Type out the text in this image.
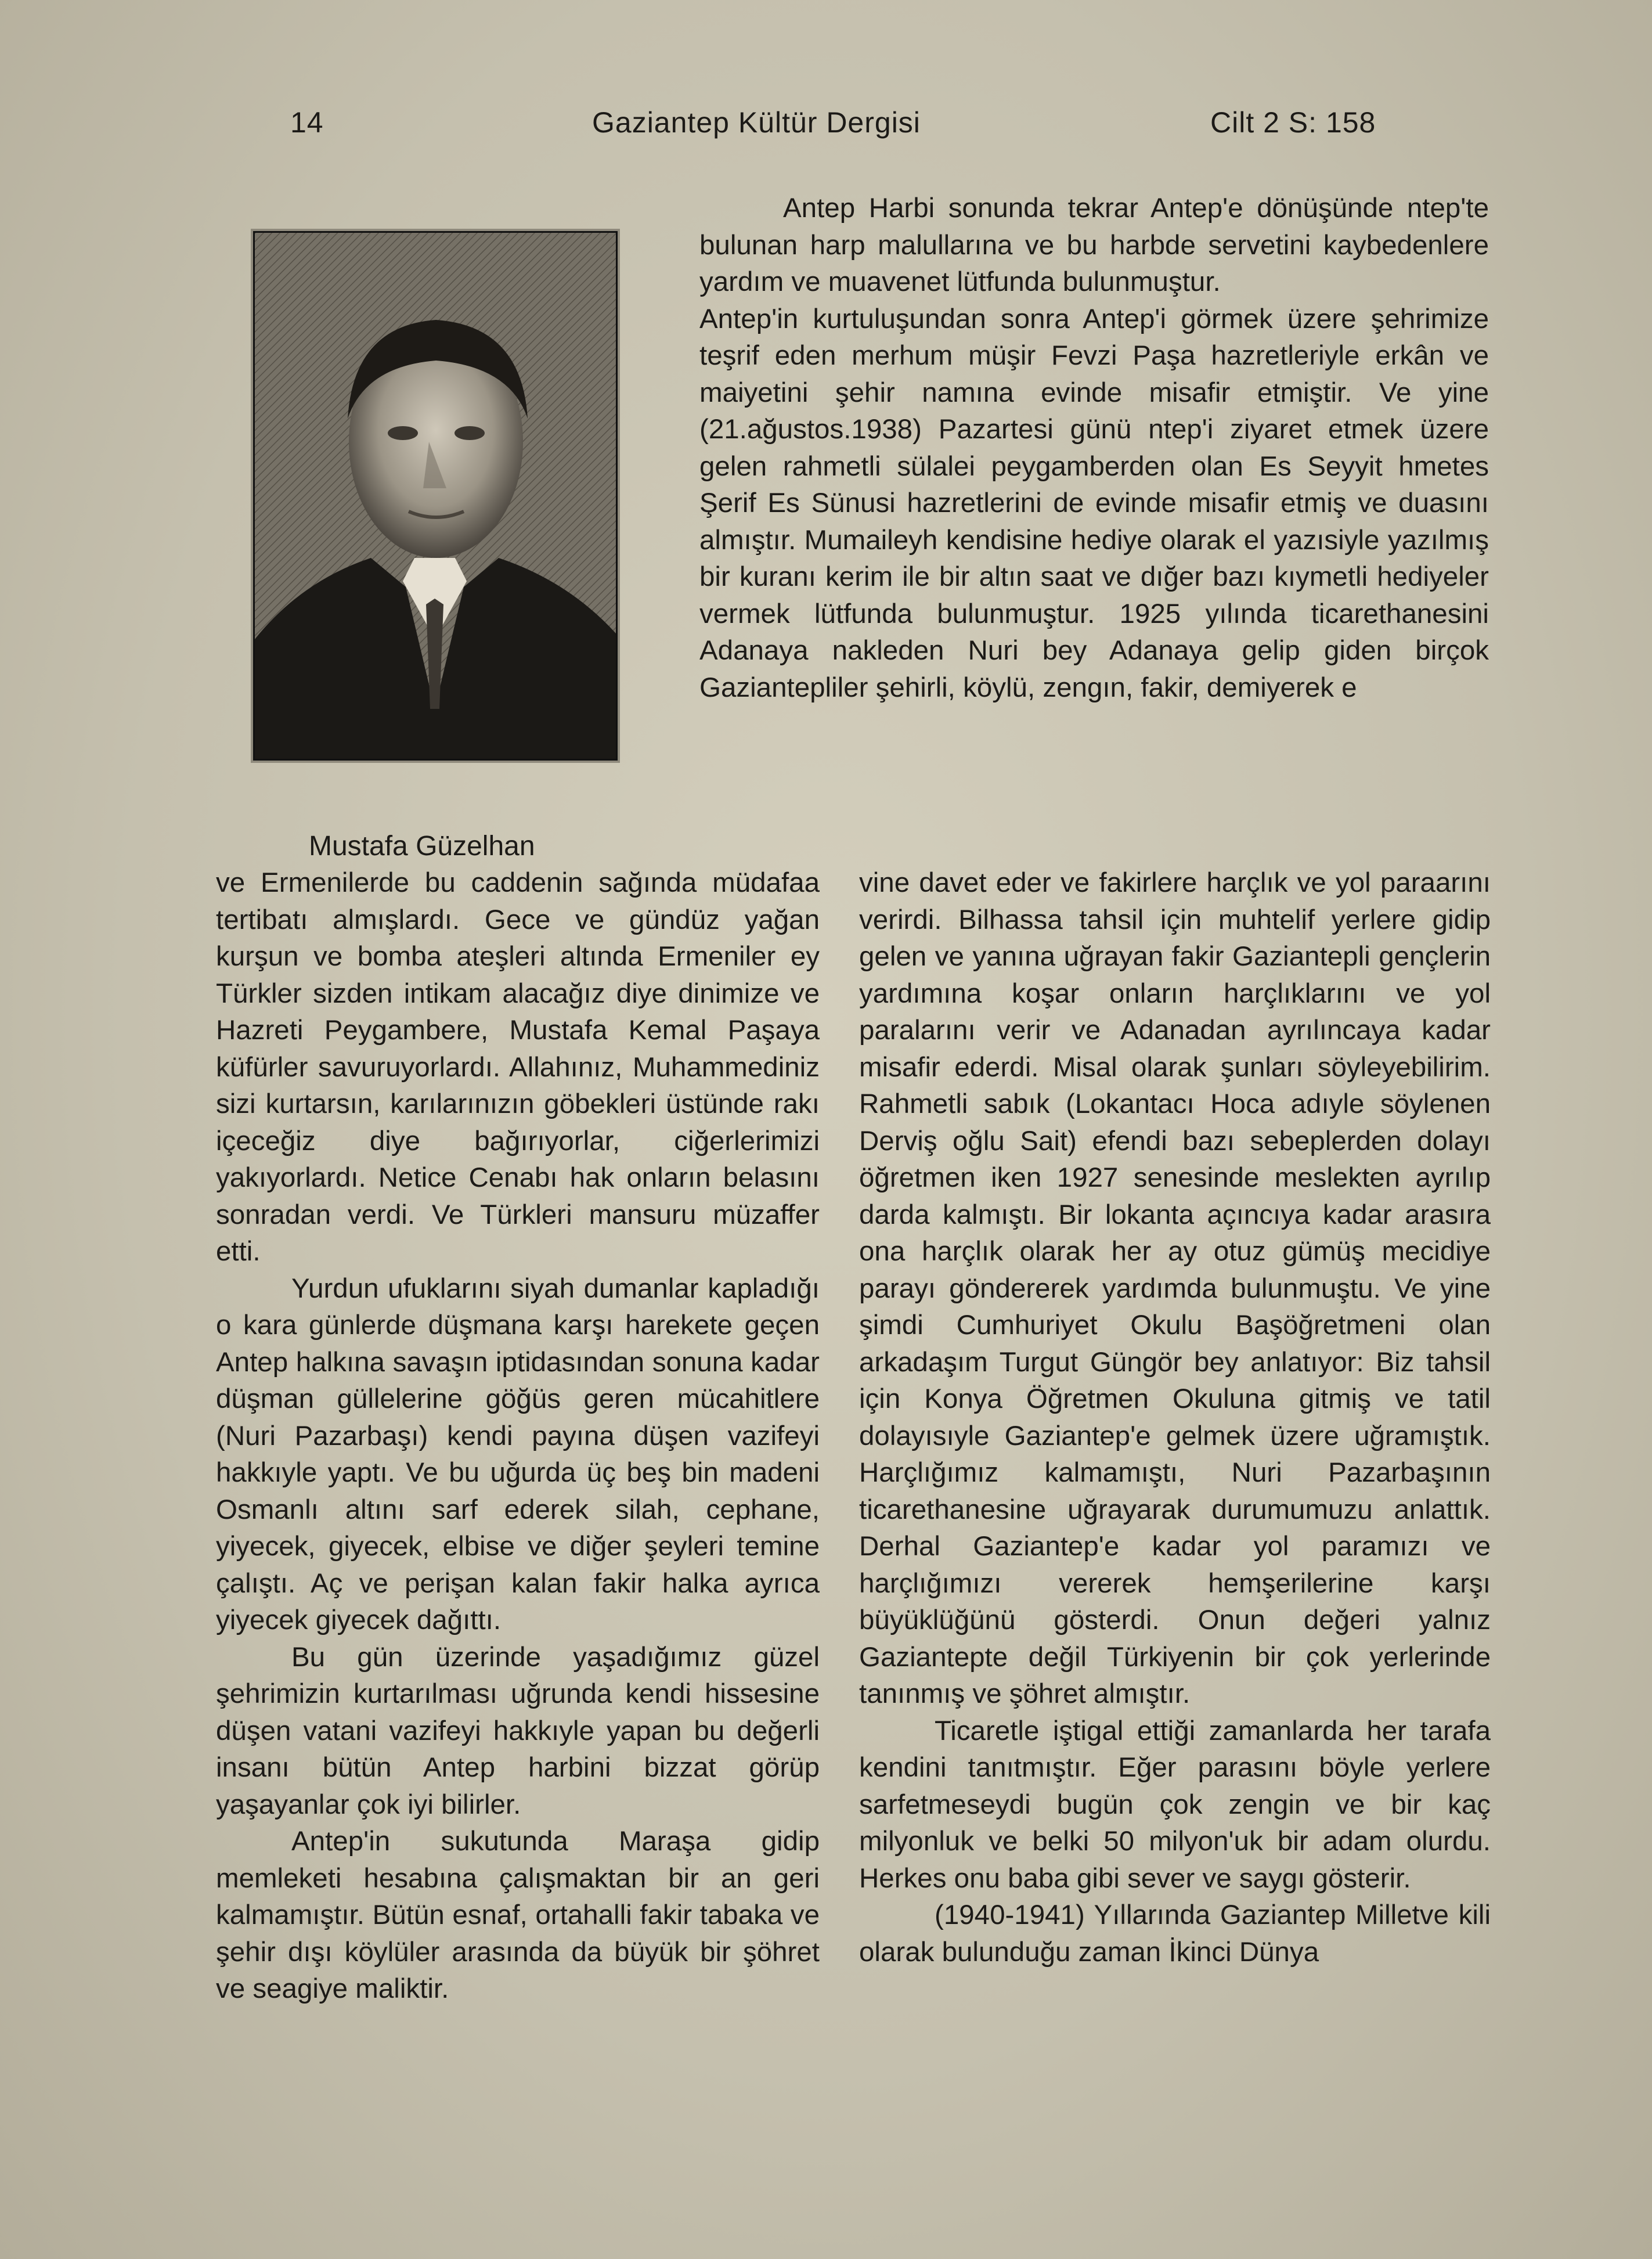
14	Gaziantep Kültür Dergisi	Cilt 2 S: 158
Mustafa Güzelhan

Antep Harbi sonunda tekrar Antep'e dönüşünde ntep'te bulunan harp malullarına ve bu harbde servetini kaybedenlere yardım ve muavenet lütfunda bulunmuştur.

Antep'in kurtuluşundan sonra Antep'i görmek üzere şehrimize teşrif eden merhum müşir Fevzi Paşa hazretleriyle erkân ve maiyetini şehir namına evinde misafir etmiştir. Ve yine (21.ağustos.1938) Pazartesi günü ntep'i ziyaret etmek üzere gelen rahmetli sülalei peygamberden olan Es Seyyit hmetes Şerif Es Sünusi hazretlerini de evinde misafir etmiş ve duasını almıştır. Mumaileyh kendisine hediye olarak el yazısiyle yazılmış bir kuranı kerim ile bir altın saat ve dığer bazı kıymetli hediyeler vermek lütfunda bulunmuştur. 1925 yılında ticarethanesini Adanaya nakleden Nuri bey Adanaya gelip giden birçok Gaziantepliler şehirli, köylü, zengın, fakir, demiyerek e

ve Ermenilerde bu caddenin sağında müdafaa tertibatı almışlardı. Gece ve gündüz yağan kurşun ve bomba ateşleri altında Ermeniler ey Türkler sizden intikam alacağız diye dinimize ve Hazreti Peygambere, Mustafa Kemal Paşaya küfürler savuruyorlardı. Allahınız, Muhammediniz sizi kurtarsın, karılarınızın göbekleri üstünde rakı içeceğiz diye bağırıyorlar, ciğerlerimizi yakıyorlardı. Netice Cenabı hak onların belasını sonradan verdi. Ve Türkleri mansuru müzaffer etti.

Yurdun ufuklarını siyah dumanlar kapladığı o kara günlerde düşmana karşı harekete geçen Antep halkına savaşın iptidasından sonuna kadar düşman güllelerine göğüs geren mücahitlere (Nuri Pazarbaşı) kendi payına düşen vazifeyi hakkıyle yaptı. Ve bu uğurda üç beş bin madeni Osmanlı altını sarf ederek silah, cephane, yiyecek, giyecek, elbise ve diğer şeyleri temine çalıştı. Aç ve perişan kalan fakir halka ayrıca yiyecek giyecek dağıttı.

Bu gün üzerinde yaşadığımız güzel şehrimizin kurtarılması uğrunda kendi hissesine düşen vatani vazifeyi hakkıyle yapan bu değerli insanı bütün Antep harbini bizzat görüp yaşayanlar çok iyi bilirler.

Antep'in sukutunda Maraşa gidip memleketi hesabına çalışmaktan bir an geri kalmamıştır. Bütün esnaf, ortahalli fakir tabaka ve şehir dışı köylüler arasında da büyük bir şöhret ve seagiye maliktir.

vine davet eder ve fakirlere harçlık ve yol paraarını verirdi. Bilhassa tahsil için muhtelif yerlere gidip gelen ve yanına uğrayan fakir Gaziantepli gençlerin yardımına koşar onların harçlıklarını ve yol paralarını verir ve Adanadan ayrılıncaya kadar misafir ederdi. Misal olarak şunları söyleyebilirim. Rahmetli sabık (Lokantacı Hoca adıyle söylenen Derviş oğlu Sait) efendi bazı sebeplerden dolayı öğretmen iken 1927 senesinde meslekten ayrılıp darda kalmıştı. Bir lokanta açıncıya kadar arasıra ona harçlık olarak her ay otuz gümüş mecidiye parayı göndererek yardımda bulunmuştu. Ve yine şimdi Cumhuriyet Okulu Başöğretmeni olan arkadaşım Turgut Güngör bey anlatıyor: Biz tahsil için Konya Öğretmen Okuluna gitmiş ve tatil dolayısıyle Gaziantep'e gelmek üzere uğramıştık. Harçlığımız kalmamıştı, Nuri Pazarbaşının ticarethanesine uğrayarak durumumuzu anlattık. Derhal Gaziantep'e kadar yol paramızı ve harçlığımızı vererek hemşerilerine karşı büyüklüğünü gösterdi. Onun değeri yalnız Gaziantepte değil Türkiyenin bir çok yerlerinde tanınmış ve şöhret almıştır.

Ticaretle iştigal ettiği zamanlarda her tarafa kendini tanıtmıştır. Eğer parasını böyle yerlere sarfetmeseydi bugün çok zengin ve bir kaç milyonluk ve belki 50 milyon'uk bir adam olurdu. Herkes onu baba gibi sever ve saygı gösterir.

(1940-1941) Yıllarında Gaziantep Milletve kili olarak bulunduğu zaman İkinci Dünya
